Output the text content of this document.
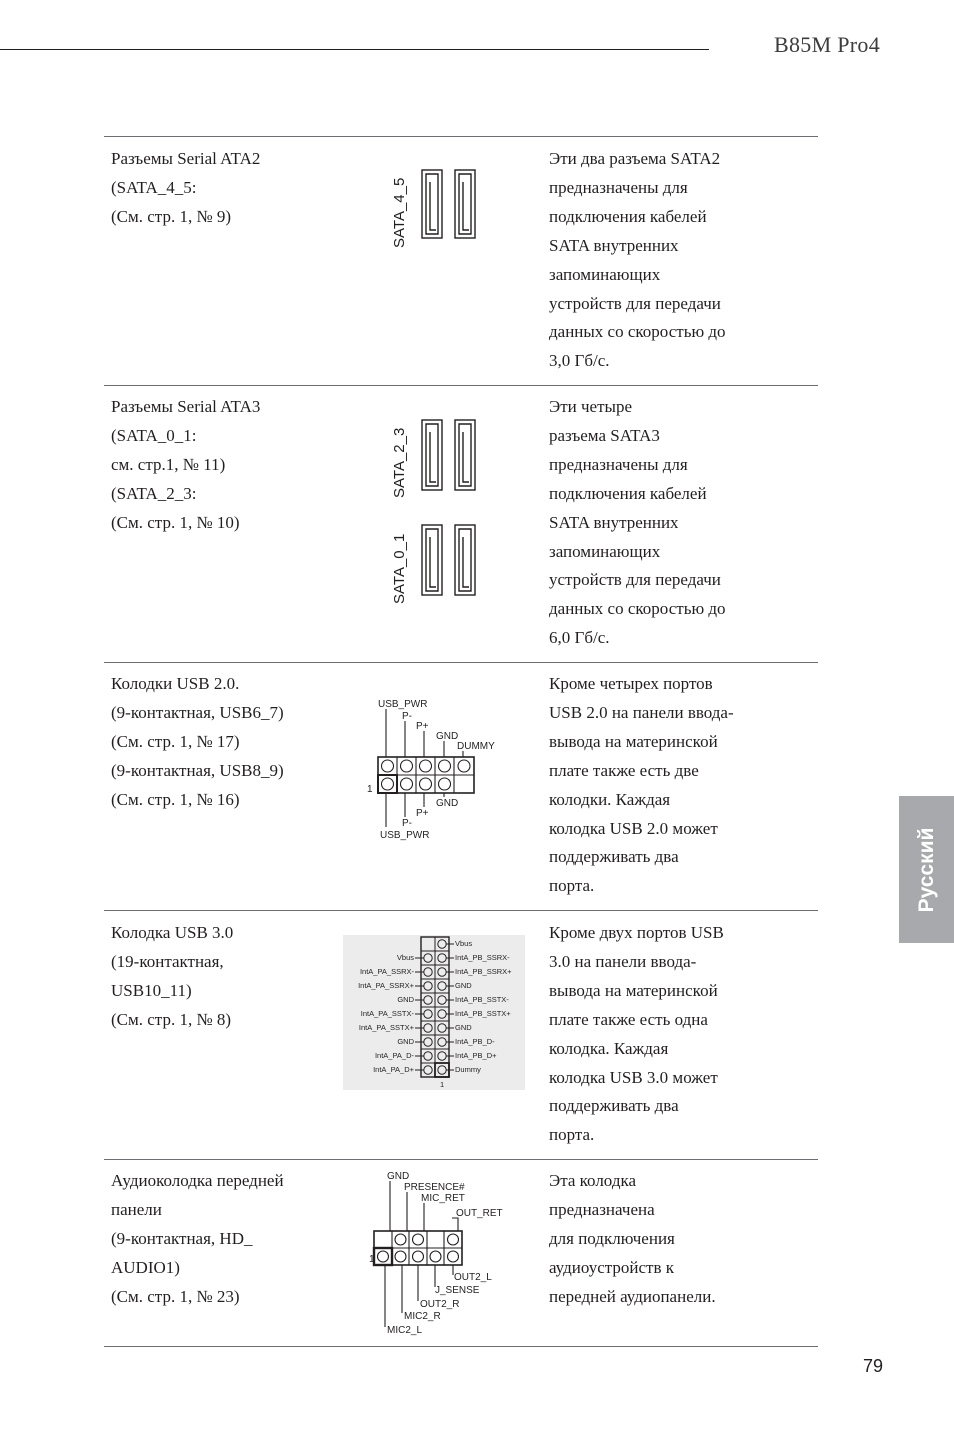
B85M Pro4
Русский
Разъемы Serial ATA2
(SATA_4_5:
(См. стр. 1, № 9)	SATA_4_5
Эти два разъема SATA2
предназначены для
подключения кабелей
SATA внутренних
запоминающих
устройств для передачи
данных со скоростью до
3,0 Гб/с.
Разъемы Serial ATA3
(SATA_0_1:
см. стр.1, № 11)
(SATA_2_3:
(См. стр. 1, № 10)
SATA_2_3
SATA_0_1
Эти четыре
разъема SATA3
предназначены для
подключения кабелей
SATA внутренних
запоминающих
устройств для передачи
данных со скоростью до
6,0 Гб/с.
Колодки USB 2.0.
(9-контактная, USB6_7)
(См. стр. 1, № 17)
(9-контактная, USB8_9)
(См. стр. 1, № 16)
USB_PWR
P-
P+
GND
DUMMY
1
GND
P+
P-
USB_PWR
Кроме четырех портов
USB 2.0 на панели ввода-
вывода на материнской
плате также есть две
колодки. Каждая
колодка USB 2.0 может
поддерживать два
порта.
Колодка USB 3.0
(19-контактная,
USB10_11)
(См. стр. 1, № 8)
Vbus
IntA_PA_SSRX-
IntA_PA_SSRX+
GND
IntA_PA_SSTX-
IntA_PA_SSTX+
GND
IntA_PA_D-
IntA_PA_D+
Vbus
IntA_PB_SSRX-
IntA_PB_SSRX+
GND
IntA_PB_SSTX-
IntA_PB_SSTX+
GND
IntA_PB_D-
IntA_PB_D+
Dummy
1
Кроме двух портов USB
3.0 на панели ввода-
вывода на материнской
плате также есть одна
колодка. Каждая
колодка USB 3.0 может
поддерживать два
порта.
Аудиоколодка передней
панели
(9-контактная, HD_
AUDIO1)
(См. стр. 1, № 23)
GND
PRESENCE#
MIC_RET
OUT_RET
1
OUT2_L
J_SENSE
OUT2_R
MIC2_R
MIC2_L
Эта колодка
предназначена
для подключения
аудиоустройств к
передней аудиопанели.
79
